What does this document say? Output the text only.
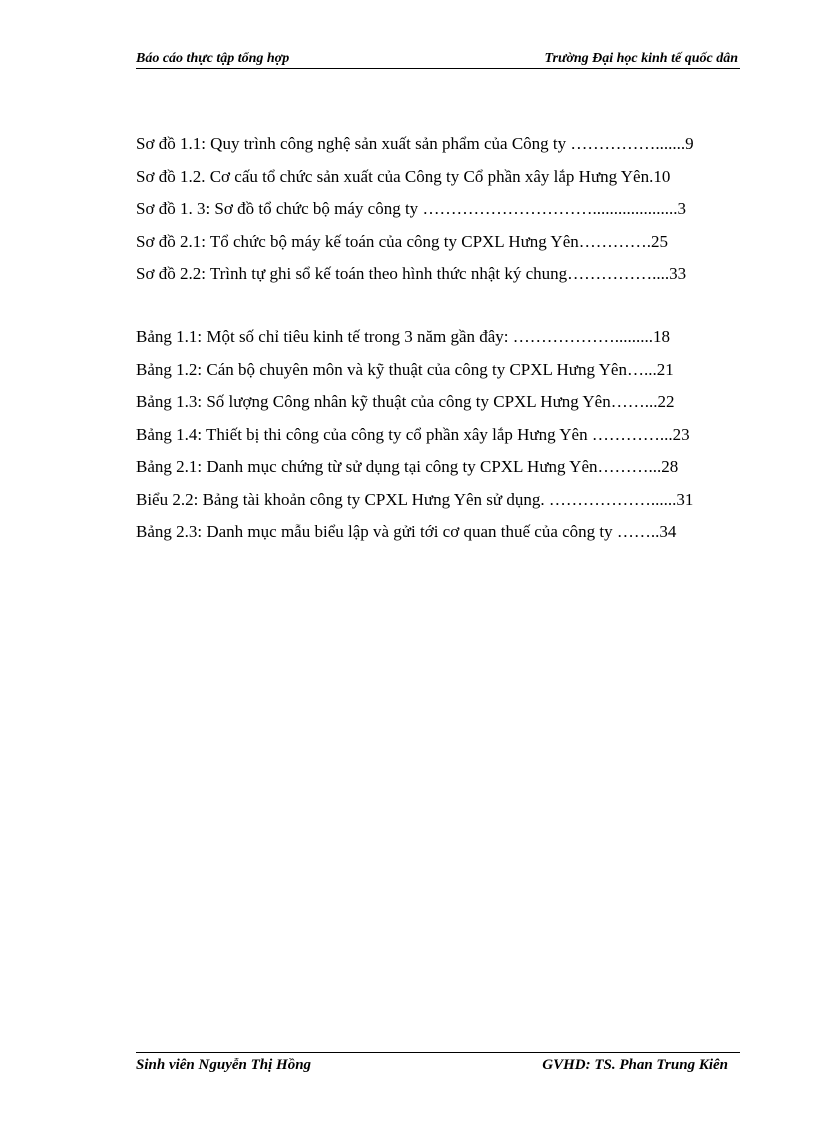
Báo cáo thực tập tổng hợp	Trường Đại học kinh tế quốc dân
Sơ đồ 1.1: Quy trình công nghệ sản xuất sản phẩm của Công ty …………….......9
Sơ đồ 1.2. Cơ cấu tổ chức sản xuất của Công ty Cổ phần xây lắp Hưng Yên.10
Sơ đồ 1. 3: Sơ đồ tổ chức bộ máy công ty …………………………....................3
Sơ đồ 2.1: Tổ chức bộ máy kế toán của công ty CPXL Hưng Yên………….25
Sơ đồ 2.2: Trình tự ghi sổ kế toán theo hình thức nhật ký chung……………....33
Bảng 1.1: Một số chỉ tiêu kinh tế trong 3 năm gần đây: ……………….........18
Bảng 1.2: Cán bộ chuyên môn và kỹ thuật của công ty CPXL Hưng Yên…...21
Bảng 1.3: Số lượng Công nhân kỹ thuật của công ty CPXL Hưng Yên……...22
Bảng 1.4: Thiết bị thi công của công ty cổ phần xây lắp Hưng Yên …………...23
Bảng 2.1: Danh mục chứng từ sử dụng tại công ty CPXL Hưng Yên………...28
Biểu 2.2: Bảng tài khoản công ty CPXL Hưng Yên sử dụng. ………………......31
Bảng 2.3: Danh mục mẫu biểu lập và gửi tới cơ quan thuế của công ty ……..34
Sinh viên Nguyễn Thị Hồng	GVHD: TS. Phan Trung Kiên
